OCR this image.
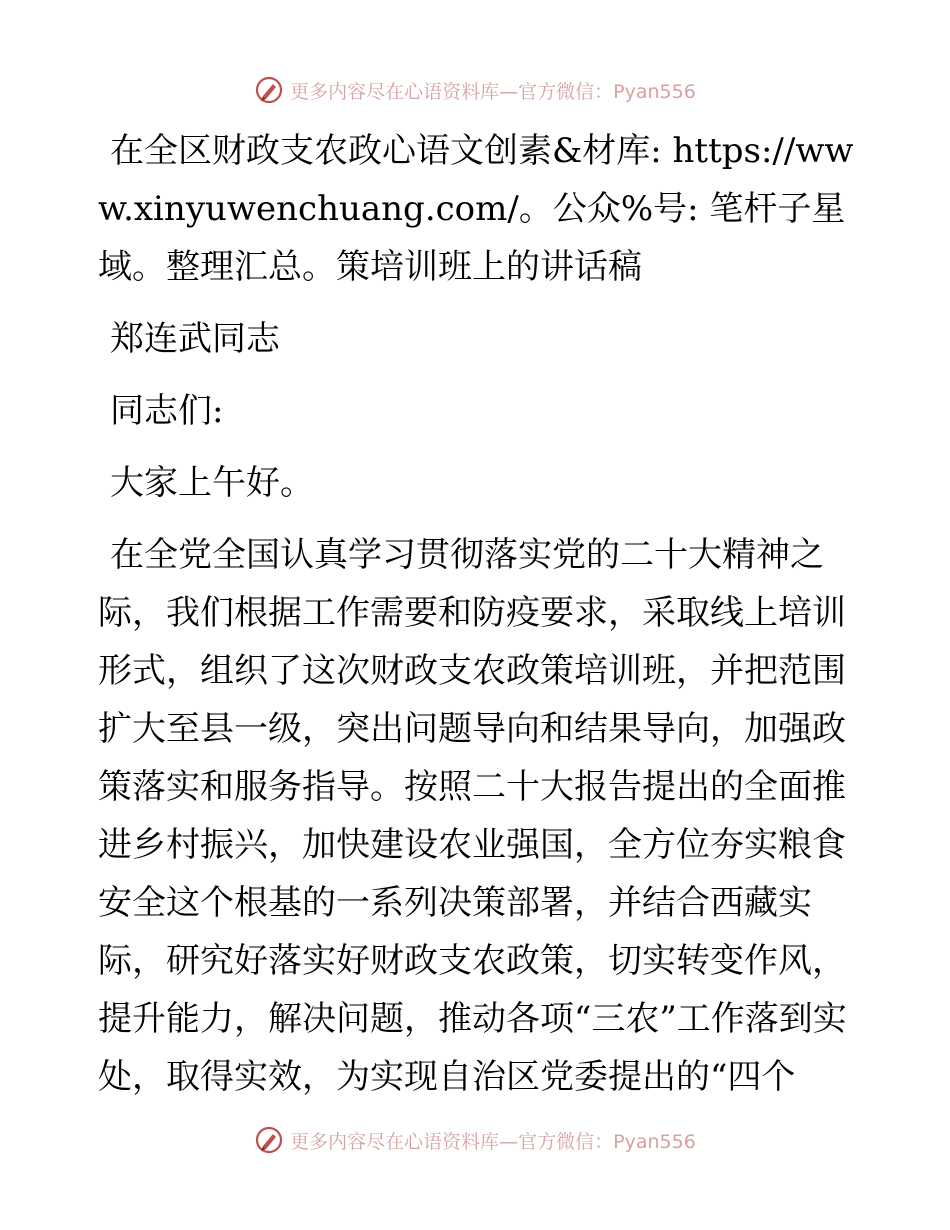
更多内容尽在心语资料库—官方微信：Pyan556

在全区财政支农政心语文创素&材库: https://www.xinyuwenchuang.com/。公众%号: 笔杆子星域。整理汇总。策培训班上的讲话稿

郑连武同志

同志们:

大家上午好。

在全党全国认真学习贯彻落实党的二十大精神之际，我们根据工作需要和防疫要求，采取线上培训形式，组织了这次财政支农政策培训班，并把范围扩大至县一级，突出问题导向和结果导向，加强政策落实和服务指导。按照二十大报告提出的全面推进乡村振兴，加快建设农业强国，全方位夯实粮食安全这个根基的一系列决策部署，并结合西藏实际，研究好落实好财政支农政策，切实转变作风，提升能力，解决问题，推动各项“三农”工作落到实处，取得实效，为实现自治区党委提出的“四个

更多内容尽在心语资料库—官方微信：Pyan556
